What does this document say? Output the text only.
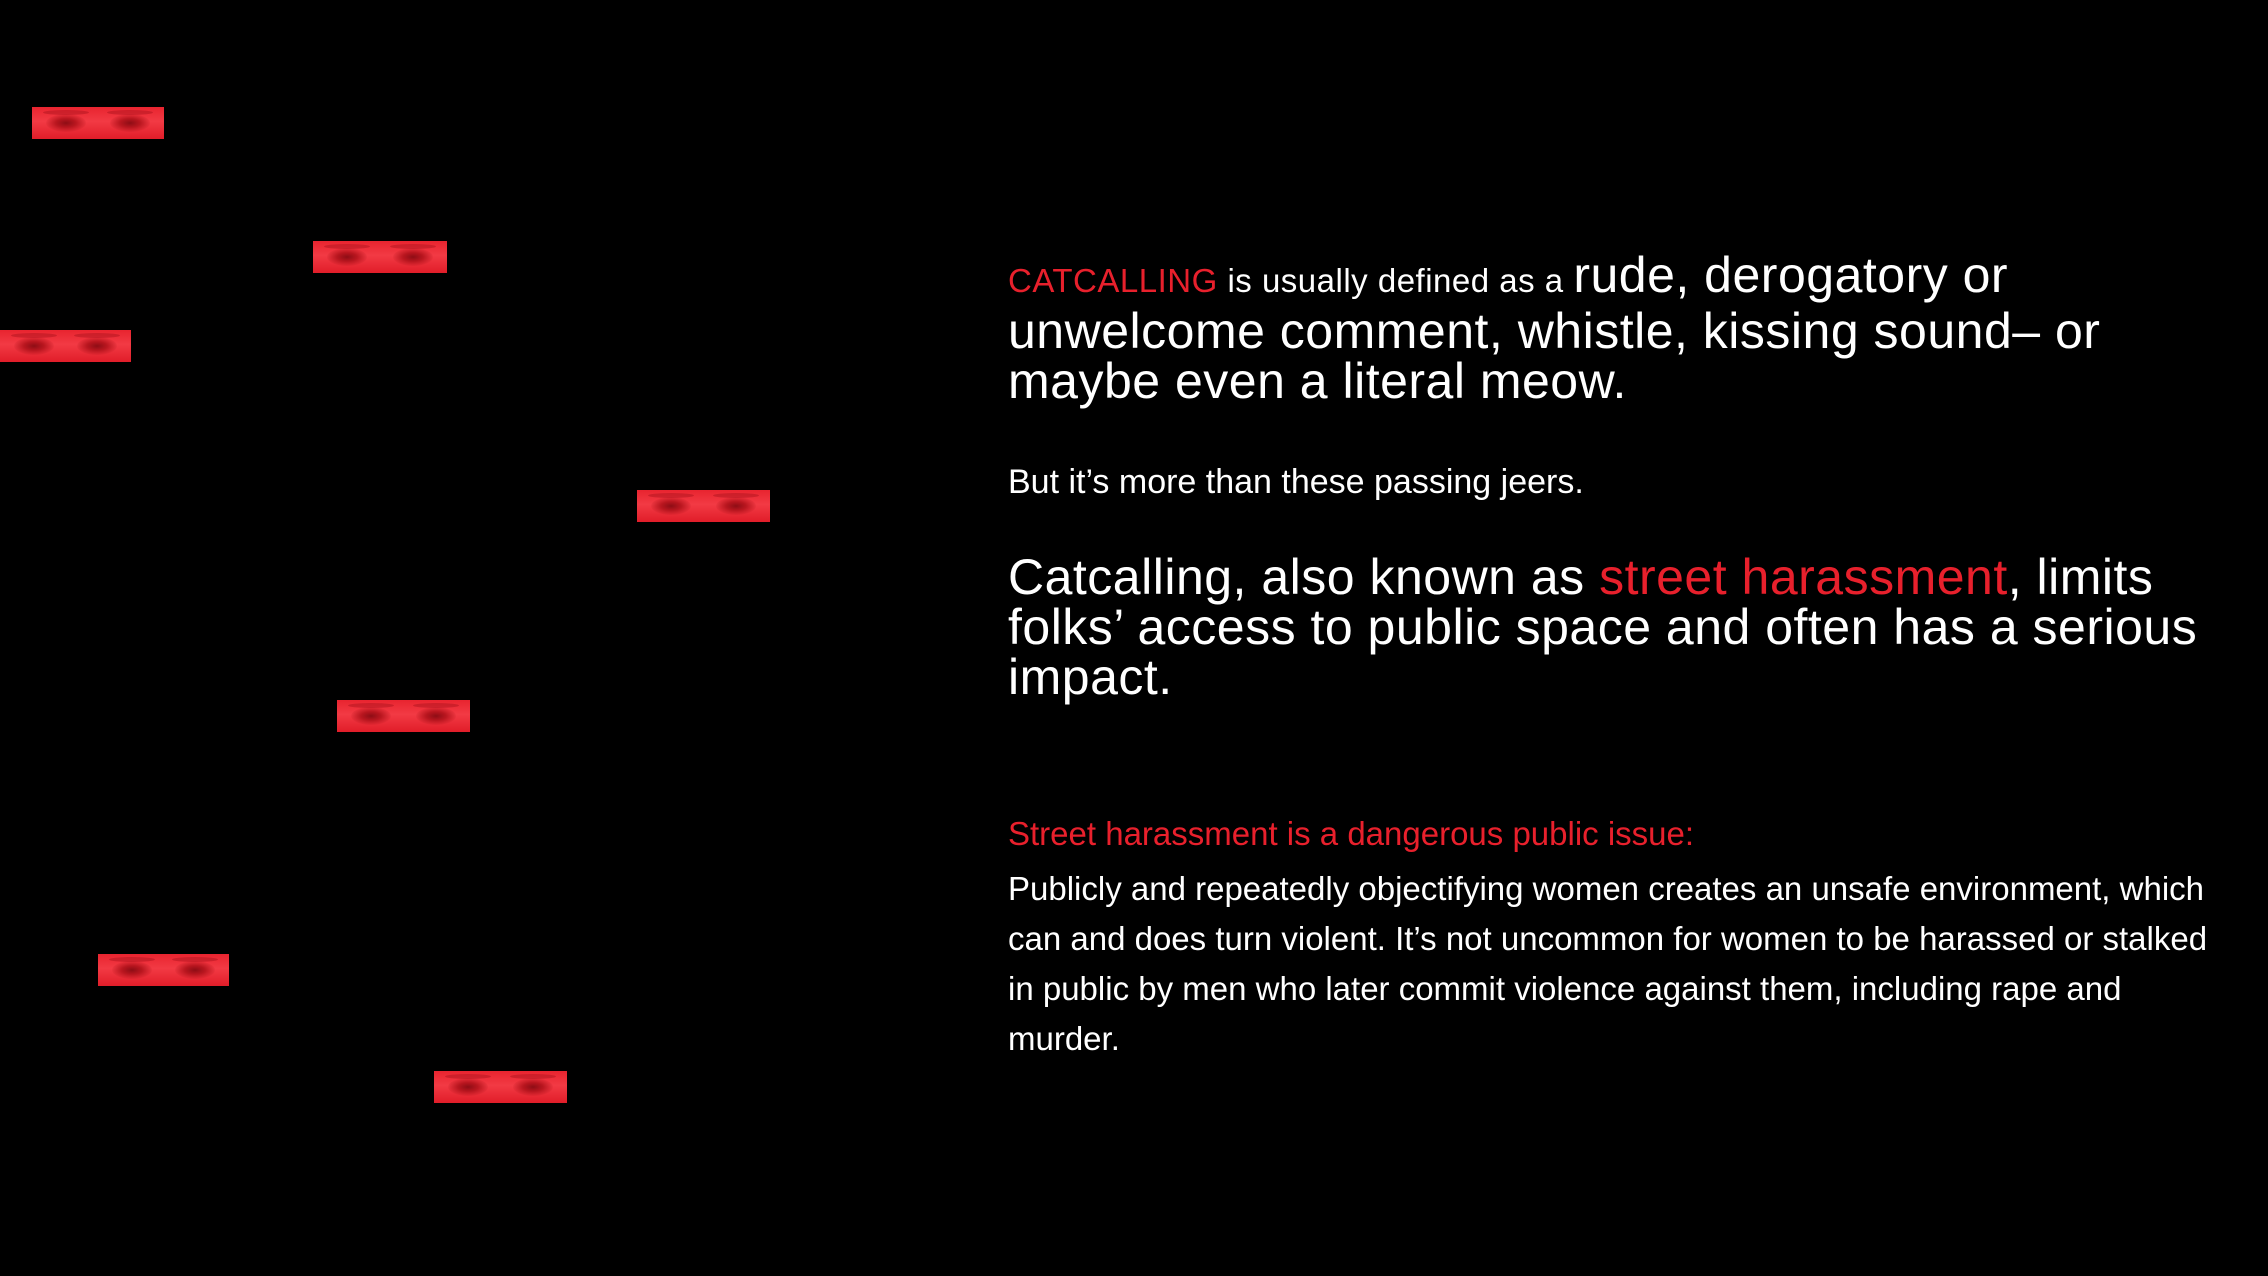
CATCALLING is usually defined as a rude, derogatory or unwelcome comment, whistle, kissing sound– or maybe even a literal meow.

But it’s more than these passing jeers.

Catcalling, also known as street harassment, limits folks’ access to public space and often has a serious impact.

Street harassment is a dangerous public issue:

Publicly and repeatedly objectifying women creates an unsafe environment, which can and does turn violent. It’s not uncommon for women to be harassed or stalked in public by men who later commit violence against them, including rape and murder.
